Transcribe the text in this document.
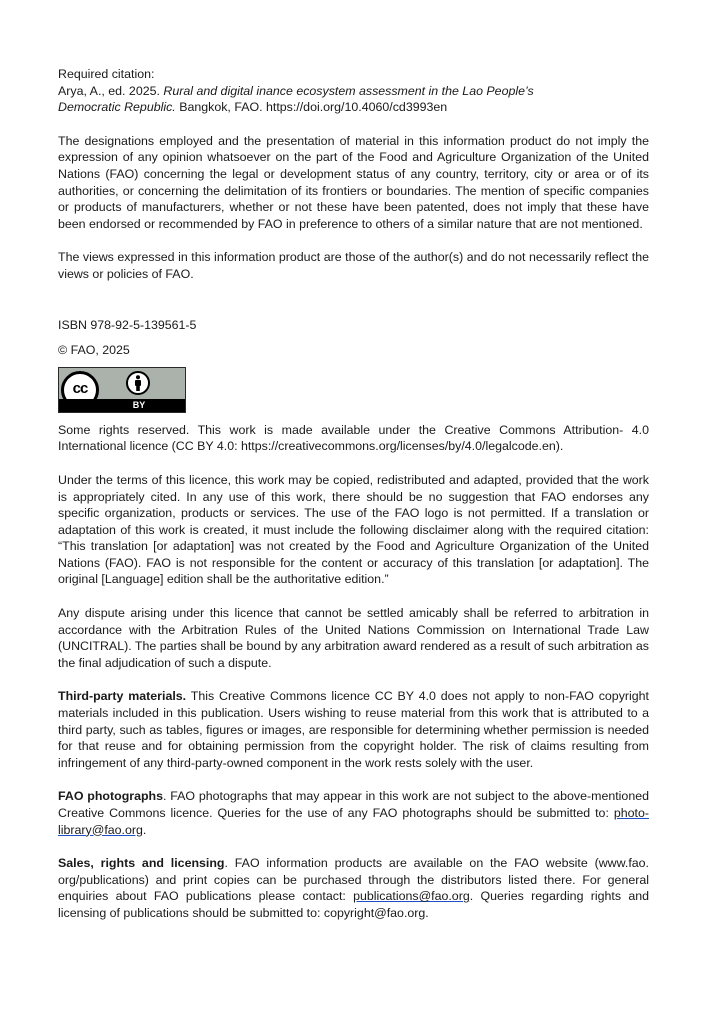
Required citation:

Arya, A., ed. 2025. Rural and digital inance ecosystem assessment in the Lao People’s
Democratic Republic. Bangkok, FAO. https://doi.org/10.4060/cd3993en

The designations employed and the presentation of material in this information product do not imply the expression of any opinion whatsoever on the part of the Food and Agriculture Organization of the United Nations (FAO) concerning the legal or development status of any country, territory, city or area or of its authorities, or concerning the delimitation of its frontiers or boundaries. The mention of specific companies or products of manufacturers, whether or not these have been patented, does not imply that these have been endorsed or recommended by FAO in preference to others of a similar nature that are not mentioned.

The views expressed in this information product are those of the author(s) and do not necessarily reflect the views or policies of FAO.

ISBN 978-92-5-139561-5

© FAO, 2025

cc
BY

Some rights reserved. This work is made available under the Creative Commons Attribution- 4.0 International licence (CC BY 4.0: https://creativecommons.org/licenses/by/4.0/legalcode.en).

Under the terms of this licence, this work may be copied, redistributed and adapted, provided that the work is appropriately cited. In any use of this work, there should be no suggestion that FAO endorses any specific organization, products or services. The use of the FAO logo is not permitted. If a translation or adaptation of this work is created, it must include the following disclaimer along with the required citation: “This translation [or adaptation] was not created by the Food and Agriculture Organization of the United Nations (FAO). FAO is not responsible for the content or accuracy of this translation [or adaptation]. The original [Language] edition shall be the authoritative edition.”

Any dispute arising under this licence that cannot be settled amicably shall be referred to arbitration in accordance with the Arbitration Rules of the United Nations Commission on International Trade Law (UNCITRAL). The parties shall be bound by any arbitration award rendered as a result of such arbitration as the final adjudication of such a dispute.

Third-party materials. This Creative Commons licence CC BY 4.0 does not apply to non-FAO copyright materials included in this publication. Users wishing to reuse material from this work that is attributed to a third party, such as tables, figures or images, are responsible for determining whether permission is needed for that reuse and for obtaining permission from the copyright holder. The risk of claims resulting from infringement of any third-party-owned component in the work rests solely with the user.

FAO photographs. FAO photographs that may appear in this work are not subject to the above-mentioned Creative Commons licence. Queries for the use of any FAO photographs should be submitted to: photo-library@fao.org.

Sales, rights and licensing. FAO information products are available on the FAO website (www.fao. org/publications) and print copies can be purchased through the distributors listed there. For general enquiries about FAO publications please contact: publications@fao.org. Queries regarding rights and licensing of publications should be submitted to: copyright@fao.org.
